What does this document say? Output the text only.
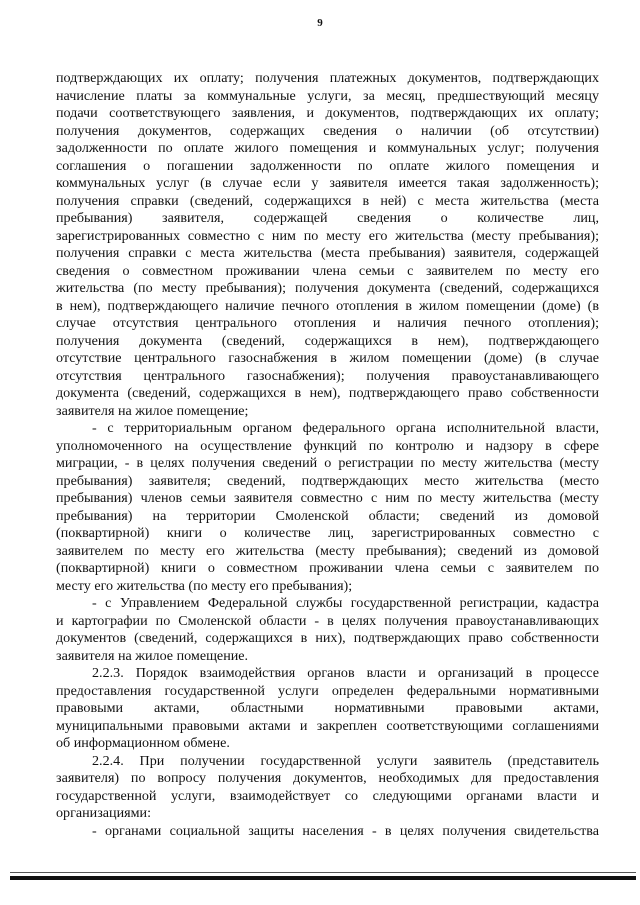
9
подтверждающих их оплату; получения платежных документов, подтверждающих
начисление платы за коммунальные услуги, за месяц, предшествующий месяцу
подачи соответствующего заявления, и документов, подтверждающих их оплату;
получения документов, содержащих сведения о наличии (об отсутствии)
задолженности по оплате жилого помещения и коммунальных услуг; получения
соглашения о погашении задолженности по оплате жилого помещения и
коммунальных услуг (в случае если у заявителя имеется такая задолженность);
получения справки (сведений, содержащихся в ней) с места жительства (места
пребывания) заявителя, содержащей сведения о количестве лиц,
зарегистрированных совместно с ним по месту его жительства (месту пребывания);
получения справки с места жительства (места пребывания) заявителя, содержащей
сведения о совместном проживании члена семьи с заявителем по месту его
жительства (по месту пребывания); получения документа (сведений, содержащихся
в нем), подтверждающего наличие печного отопления в жилом помещении (доме) (в
случае отсутствия центрального отопления и наличия печного отопления);
получения документа (сведений, содержащихся в нем), подтверждающего
отсутствие центрального газоснабжения в жилом помещении (доме) (в случае
отсутствия центрального газоснабжения); получения правоустанавливающего
документа (сведений, содержащихся в нем), подтверждающего право собственности
заявителя на жилое помещение;
- с территориальным органом федерального органа исполнительной власти,
уполномоченного на осуществление функций по контролю и надзору в сфере
миграции, - в целях получения сведений о регистрации по месту жительства (месту
пребывания) заявителя; сведений, подтверждающих место жительства (место
пребывания) членов семьи заявителя совместно с ним по месту жительства (месту
пребывания) на территории Смоленской области; сведений из домовой
(поквартирной) книги о количестве лиц, зарегистрированных совместно с
заявителем по месту его жительства (месту пребывания); сведений из домовой
(поквартирной) книги о совместном проживании члена семьи с заявителем по
месту его жительства (по месту его пребывания);
- с Управлением Федеральной службы государственной регистрации, кадастра
и картографии по Смоленской области - в целях получения правоустанавливающих
документов (сведений, содержащихся в них), подтверждающих право собственности
заявителя на жилое помещение.
2.2.3. Порядок взаимодействия органов власти и организаций в процессе
предоставления государственной услуги определен федеральными нормативными
правовыми актами, областными нормативными правовыми актами,
муниципальными правовыми актами и закреплен соответствующими соглашениями
об информационном обмене.
2.2.4. При получении государственной услуги заявитель (представитель
заявителя) по вопросу получения документов, необходимых для предоставления
государственной услуги, взаимодействует со следующими органами власти и
организациями:
- органами социальной защиты населения - в целях получения свидетельства
